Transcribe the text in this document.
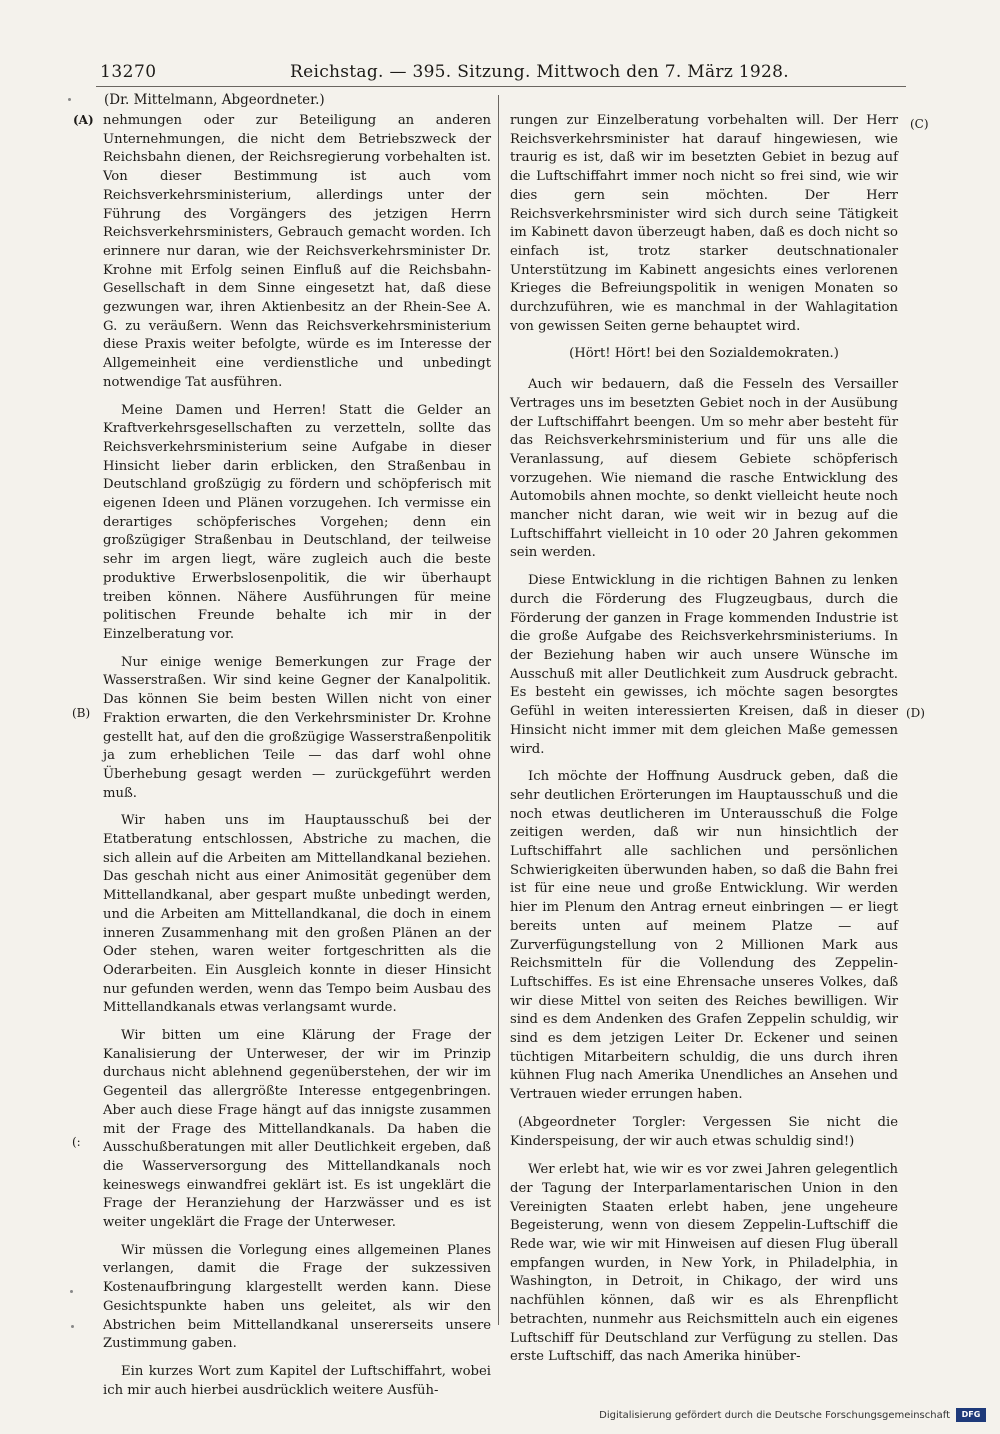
13270	Reichstag. — 395. Sitzung. Mittwoch den 7. März 1928.
(Dr. Mittelmann, Abgeordneter.)
(A)	(C)
(B)	(D)
(:

nehmungen oder zur Beteiligung an anderen Unternehmungen, die nicht dem Betriebszweck der Reichsbahn dienen, der Reichsregierung vorbehalten ist. Von dieser Bestimmung ist auch vom Reichsverkehrsministerium, allerdings unter der Führung des Vorgängers des jetzigen Herrn Reichsverkehrsministers, Gebrauch gemacht worden. Ich erinnere nur daran, wie der Reichsverkehrsminister Dr. Krohne mit Erfolg seinen Einfluß auf die Reichsbahn-Gesellschaft in dem Sinne eingesetzt hat, daß diese gezwungen war, ihren Aktienbesitz an der Rhein-See A. G. zu veräußern. Wenn das Reichsverkehrsministerium diese Praxis weiter befolgte, würde es im Interesse der Allgemeinheit eine verdienstliche und unbedingt notwendige Tat ausführen.

Meine Damen und Herren! Statt die Gelder an Kraftverkehrsgesellschaften zu verzetteln, sollte das Reichsverkehrsministerium seine Aufgabe in dieser Hinsicht lieber darin erblicken, den Straßenbau in Deutschland großzügig zu fördern und schöpferisch mit eigenen Ideen und Plänen vorzugehen. Ich vermisse ein derartiges schöpferisches Vorgehen; denn ein großzügiger Straßenbau in Deutschland, der teilweise sehr im argen liegt, wäre zugleich auch die beste produktive Erwerbslosenpolitik, die wir überhaupt treiben können. Nähere Ausführungen für meine politischen Freunde behalte ich mir in der Einzelberatung vor.

Nur einige wenige Bemerkungen zur Frage der Wasserstraßen. Wir sind keine Gegner der Kanalpolitik. Das können Sie beim besten Willen nicht von einer Fraktion erwarten, die den Verkehrsminister Dr. Krohne gestellt hat, auf den die großzügige Wasserstraßenpolitik ja zum erheblichen Teile — das darf wohl ohne Überhebung gesagt werden — zurückgeführt werden muß.

Wir haben uns im Hauptausschuß bei der Etatberatung entschlossen, Abstriche zu machen, die sich allein auf die Arbeiten am Mittellandkanal beziehen. Das geschah nicht aus einer Animosität gegenüber dem Mittellandkanal, aber gespart mußte unbedingt werden, und die Arbeiten am Mittellandkanal, die doch in einem inneren Zusammenhang mit den großen Plänen an der Oder stehen, waren weiter fortgeschritten als die Oderarbeiten. Ein Ausgleich konnte in dieser Hinsicht nur gefunden werden, wenn das Tempo beim Ausbau des Mittellandkanals etwas verlangsamt wurde.

Wir bitten um eine Klärung der Frage der Kanalisierung der Unterweser, der wir im Prinzip durchaus nicht ablehnend gegenüberstehen, der wir im Gegenteil das allergrößte Interesse entgegenbringen. Aber auch diese Frage hängt auf das innigste zusammen mit der Frage des Mittellandkanals. Da haben die Ausschußberatungen mit aller Deutlichkeit ergeben, daß die Wasserversorgung des Mittellandkanals noch keineswegs einwandfrei geklärt ist. Es ist ungeklärt die Frage der Heranziehung der Harzwässer und es ist weiter ungeklärt die Frage der Unterweser.

Wir müssen die Vorlegung eines allgemeinen Planes verlangen, damit die Frage der sukzessiven Kostenaufbringung klargestellt werden kann. Diese Gesichtspunkte haben uns geleitet, als wir den Abstrichen beim Mittellandkanal unsererseits unsere Zustimmung gaben.

Ein kurzes Wort zum Kapitel der Luftschiffahrt, wobei ich mir auch hierbei ausdrücklich weitere Ausfüh-

rungen zur Einzelberatung vorbehalten will. Der Herr Reichsverkehrsminister hat darauf hingewiesen, wie traurig es ist, daß wir im besetzten Gebiet in bezug auf die Luftschiffahrt immer noch nicht so frei sind, wie wir dies gern sein möchten. Der Herr Reichsverkehrsminister wird sich durch seine Tätigkeit im Kabinett davon überzeugt haben, daß es doch nicht so einfach ist, trotz starker deutschnationaler Unterstützung im Kabinett angesichts eines verlorenen Krieges die Befreiungspolitik in wenigen Monaten so durchzuführen, wie es manchmal in der Wahlagitation von gewissen Seiten gerne behauptet wird.

(Hört! Hört! bei den Sozialdemokraten.)

Auch wir bedauern, daß die Fesseln des Versailler Vertrages uns im besetzten Gebiet noch in der Ausübung der Luftschiffahrt beengen. Um so mehr aber besteht für das Reichsverkehrsministerium und für uns alle die Veranlassung, auf diesem Gebiete schöpferisch vorzugehen. Wie niemand die rasche Entwicklung des Automobils ahnen mochte, so denkt vielleicht heute noch mancher nicht daran, wie weit wir in bezug auf die Luftschiffahrt vielleicht in 10 oder 20 Jahren gekommen sein werden.

Diese Entwicklung in die richtigen Bahnen zu lenken durch die Förderung des Flugzeugbaus, durch die Förderung der ganzen in Frage kommenden Industrie ist die große Aufgabe des Reichsverkehrsministeriums. In der Beziehung haben wir auch unsere Wünsche im Ausschuß mit aller Deutlichkeit zum Ausdruck gebracht. Es besteht ein gewisses, ich möchte sagen besorgtes Gefühl in weiten interessierten Kreisen, daß in dieser Hinsicht nicht immer mit dem gleichen Maße gemessen wird.

Ich möchte der Hoffnung Ausdruck geben, daß die sehr deutlichen Erörterungen im Hauptausschuß und die noch etwas deutlicheren im Unterausschuß die Folge zeitigen werden, daß wir nun hinsichtlich der Luftschiffahrt alle sachlichen und persönlichen Schwierigkeiten überwunden haben, so daß die Bahn frei ist für eine neue und große Entwicklung. Wir werden hier im Plenum den Antrag erneut einbringen — er liegt bereits unten auf meinem Platze — auf Zurverfügungstellung von 2 Millionen Mark aus Reichsmitteln für die Vollendung des Zeppelin-Luftschiffes. Es ist eine Ehrensache unseres Volkes, daß wir diese Mittel von seiten des Reiches bewilligen. Wir sind es dem Andenken des Grafen Zeppelin schuldig, wir sind es dem jetzigen Leiter Dr. Eckener und seinen tüchtigen Mitarbeitern schuldig, die uns durch ihren kühnen Flug nach Amerika Unendliches an Ansehen und Vertrauen wieder errungen haben.

(Abgeordneter Torgler: Vergessen Sie nicht die Kinderspeisung, der wir auch etwas schuldig sind!)

Wer erlebt hat, wie wir es vor zwei Jahren gelegentlich der Tagung der Interparlamentarischen Union in den Vereinigten Staaten erlebt haben, jene ungeheure Begeisterung, wenn von diesem Zeppelin-Luftschiff die Rede war, wie wir mit Hinweisen auf diesen Flug überall empfangen wurden, in New York, in Philadelphia, in Washington, in Detroit, in Chikago, der wird uns nachfühlen können, daß wir es als Ehrenpflicht betrachten, nunmehr aus Reichsmitteln auch ein eigenes Luftschiff für Deutschland zur Verfügung zu stellen. Das erste Luftschiff, das nach Amerika hinüber-

Digitalisierung gefördert durch die Deutsche Forschungsgemeinschaft	DFG
